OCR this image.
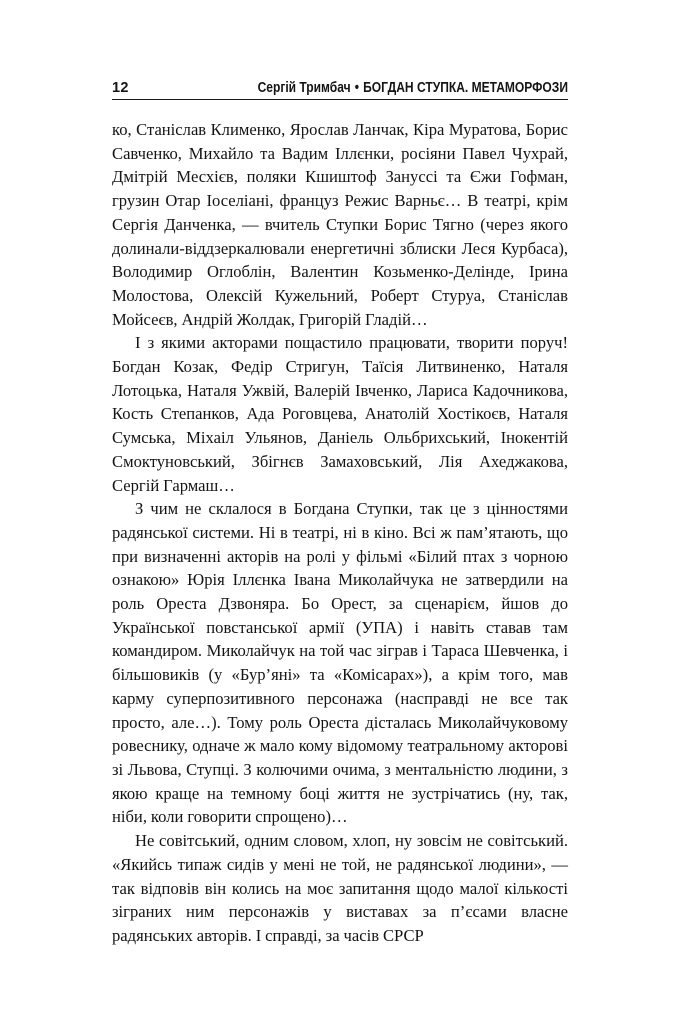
12	Сергій Тримбач • БОГДАН СТУПКА. МЕТАМОРФОЗИ

ко, Станіслав Клименко, Ярослав Ланчак, Кіра Муратова, Борис Савченко, Михайло та Вадим Іллєнки, росіяни Павел Чухрай, Дмітрій Месхієв, поляки Кшиштоф Зануссі та Єжи Гофман, грузин Отар Іоселіані, француз Режис Варньє… В театрі, крім Сергія Данченка, — вчитель Ступки Борис Тягно (через якого долинали-віддзеркалювали енергетичні зблиски Леся Курбаса), Володимир Оглоблін, Валентин Козьменко-Делінде, Ірина Молостова, Олексій Кужельний, Роберт Стуруа, Станіслав Мойсеєв, Андрій Жолдак, Григорій Гладій…

І з якими акторами пощастило працювати, творити поруч! Богдан Козак, Федір Стригун, Таїсія Литвиненко, Наталя Лотоцька, Наталя Ужвій, Валерій Івченко, Лариса Кадочникова, Кость Степанков, Ада Роговцева, Анатолій Хостікоєв, Наталя Сумська, Міхаіл Ульянов, Даніель Ольбрихський, Інокентій Смоктуновський, Збігнєв Замаховський, Лія Ахеджакова, Сергій Гармаш…

З чим не склалося в Богдана Ступки, так це з цінностями радянської системи. Ні в театрі, ні в кіно. Всі ж пам’ятають, що при визначенні акторів на ролі у фільмі «Білий птах з чорною ознакою» Юрія Іллєнка Івана Миколайчука не затвердили на роль Ореста Дзвоняра. Бо Орест, за сценарієм, йшов до Української повстанської армії (УПА) і навіть ставав там командиром. Миколайчук на той час зіграв і Тараса Шевченка, і більшовиків (у «Бур’яні» та «Комісарах»), а крім того, мав карму суперпозитивного персонажа (насправді не все так просто, але…). Тому роль Ореста дісталась Миколайчуковому ровеснику, одначе ж мало кому відомому театральному акторові зі Львова, Ступці. З колючими очима, з ментальністю людини, з якою краще на темному боці життя не зустрічатись (ну, так, ніби, коли говорити спрощено)…

Не совітський, одним словом, хлоп, ну зовсім не совітський. «Якийсь типаж сидів у мені не той, не радянської людини», — так відповів він колись на моє запитання щодо малої кількості зіграних ним персонажів у виставах за п’єсами власне радянських авторів. І справді, за часів СРСР
